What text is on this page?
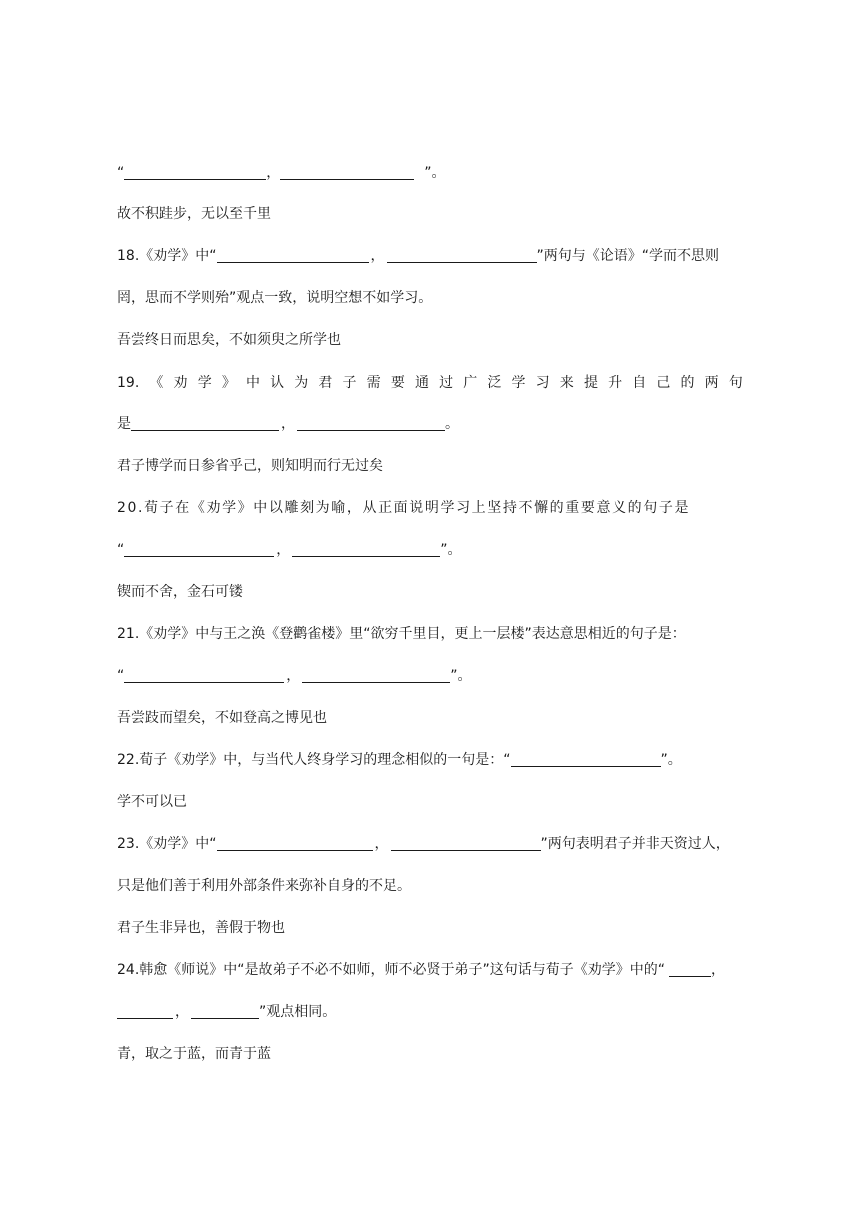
“	，	”。
故不积跬步，无以至千里
18.《劝学》中“	，	”两句与《论语》“学而不思则
罔，思而不学则殆”观点一致，说明空想不如学习。
吾尝终日而思矣，不如须臾之所学也
19. 《 劝 学 》 中 认 为 君 子 需 要 通 过 广 泛 学 习 来 提 升 自 己 的 两 句
是	，	。
君子博学而日参省乎己，则知明而行无过矣
20.荀子在《劝学》中以雕刻为喻，从正面说明学习上坚持不懈的重要意义的句子是
“	，	”。
锲而不舍，金石可镂
21.《劝学》中与王之涣《登鹳雀楼》里“欲穷千里目，更上一层楼”表达意思相近的句子是：
“	，	”。
吾尝跂而望矣，不如登高之博见也
22.荀子《劝学》中，与当代人终身学习的理念相似的一句是：“	”。
学不可以已
23.《劝学》中“	，	”两句表明君子并非天资过人，
只是他们善于利用外部条件来弥补自身的不足。
君子生非异也，善假于物也
24.韩愈《师说》中“是故弟子不必不如师，师不必贤于弟子”这句话与荀子《劝学》中的“	，
，	”观点相同。
青，取之于蓝，而青于蓝
